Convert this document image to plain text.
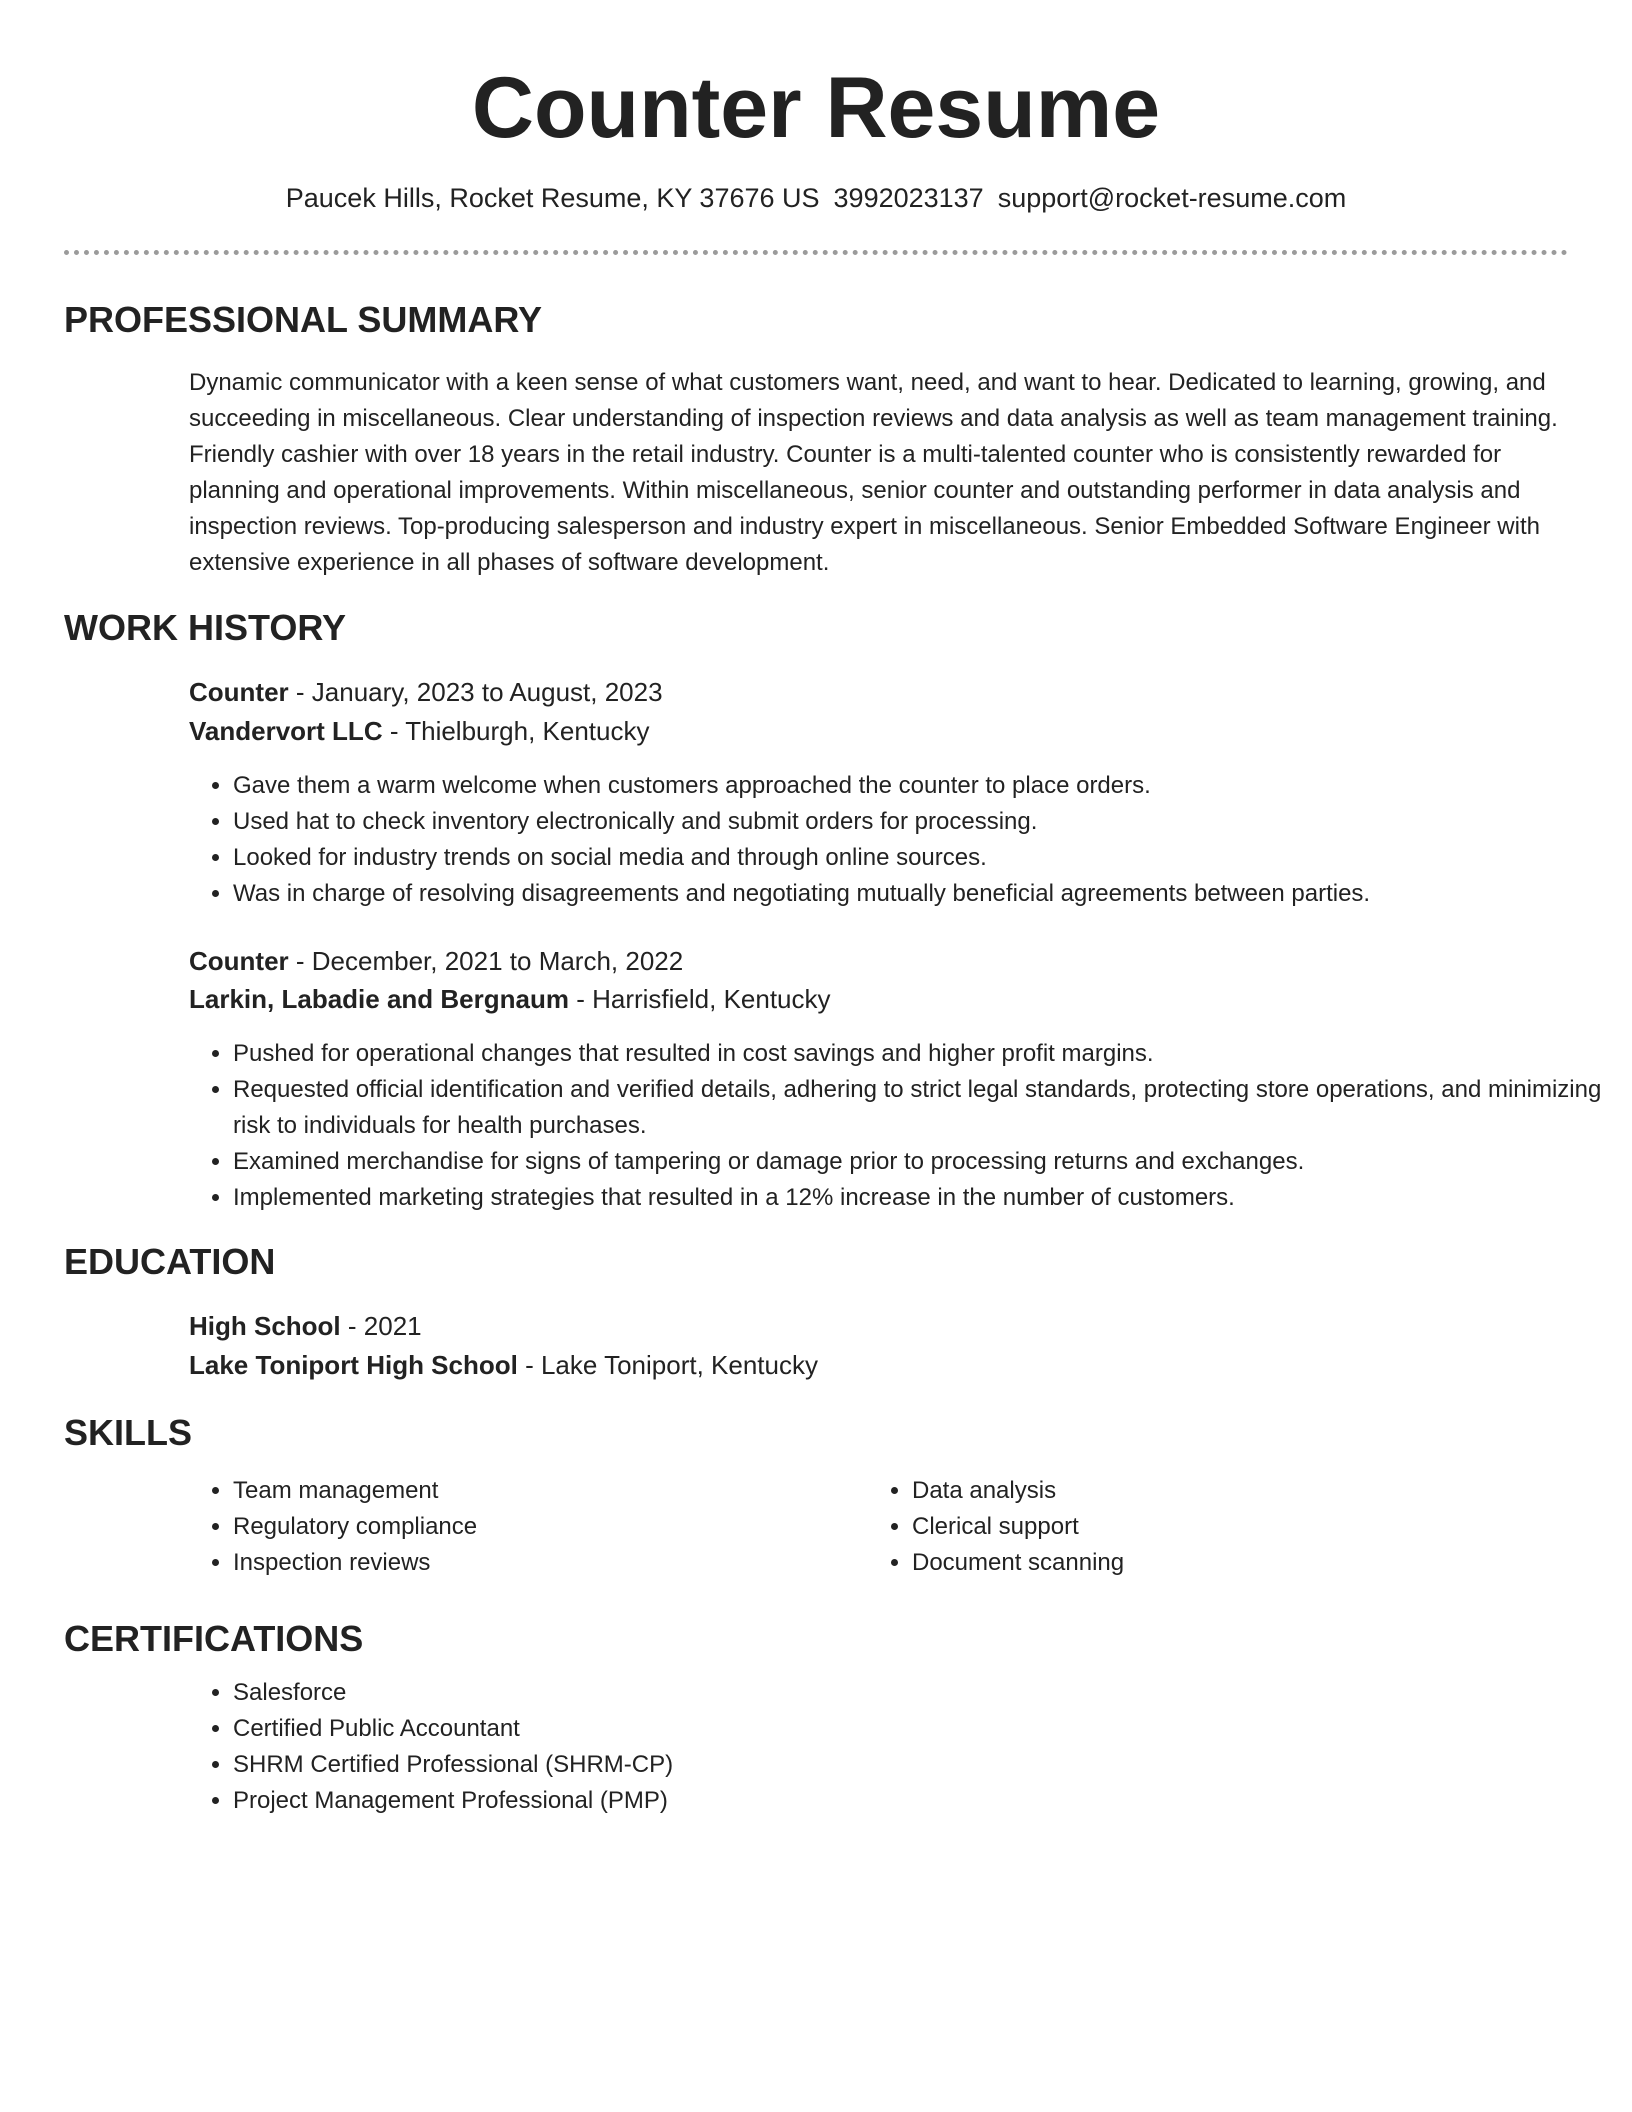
Counter Resume
Paucek Hills, Rocket Resume, KY 37676 US 3992023137 support@rocket-resume.com
PROFESSIONAL SUMMARY
Dynamic communicator with a keen sense of what customers want, need, and want to hear. Dedicated to learning, growing, and succeeding in miscellaneous. Clear understanding of inspection reviews and data analysis as well as team management training. Friendly cashier with over 18 years in the retail industry. Counter is a multi-talented counter who is consistently rewarded for planning and operational improvements. Within miscellaneous, senior counter and outstanding performer in data analysis and inspection reviews. Top-producing salesperson and industry expert in miscellaneous. Senior Embedded Software Engineer with extensive experience in all phases of software development.
WORK HISTORY
Counter - January, 2023 to August, 2023
Vandervort LLC - Thielburgh, Kentucky
• Gave them a warm welcome when customers approached the counter to place orders.
• Used hat to check inventory electronically and submit orders for processing.
• Looked for industry trends on social media and through online sources.
• Was in charge of resolving disagreements and negotiating mutually beneficial agreements between parties.
Counter - December, 2021 to March, 2022
Larkin, Labadie and Bergnaum - Harrisfield, Kentucky
• Pushed for operational changes that resulted in cost savings and higher profit margins.
• Requested official identification and verified details, adhering to strict legal standards, protecting store operations, and minimizing risk to individuals for health purchases.
• Examined merchandise for signs of tampering or damage prior to processing returns and exchanges.
• Implemented marketing strategies that resulted in a 12% increase in the number of customers.
EDUCATION
High School - 2021
Lake Toniport High School - Lake Toniport, Kentucky
SKILLS
• Team management
• Regulatory compliance
• Inspection reviews
• Data analysis
• Clerical support
• Document scanning
CERTIFICATIONS
• Salesforce
• Certified Public Accountant
• SHRM Certified Professional (SHRM-CP)
• Project Management Professional (PMP)
